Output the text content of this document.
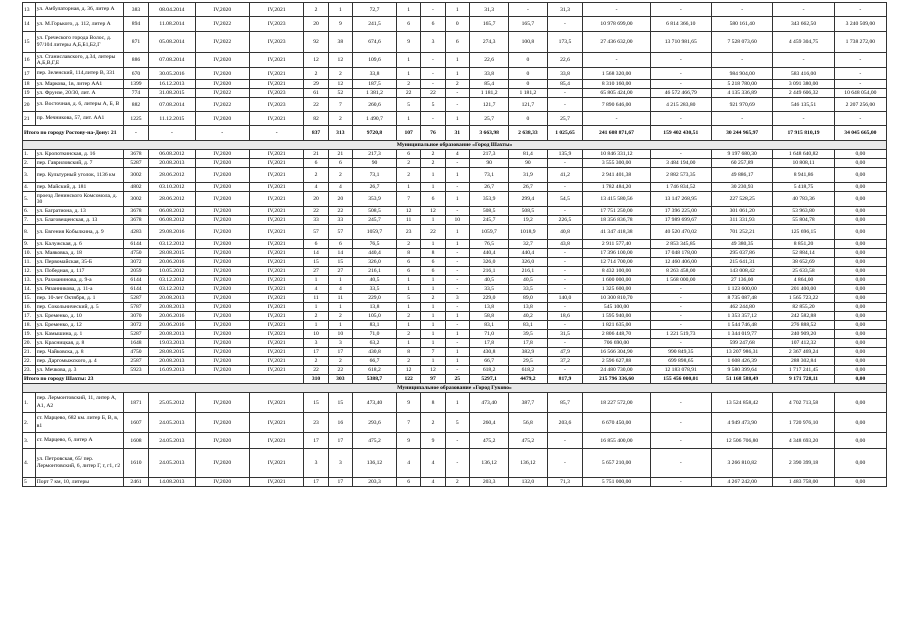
13	ул. Амбулаторная, д. 36, литер А	383	08.04.2014	IV,2020	IV,2021	2	1	72,7	1	-	1	31,3	-	31,3	-	-	-	-	-
14	ул. М.Горького, д. 112, литер А	894	11.08.2014	IV,2022	IV,2023	20	9	241,5	6	6	0	165,7	165,7	-	10 978 699,00	6 814 366,10	580 161,40	343 662,50	3 240 509,00
15	ул. Греческого города Волос, д. 97/104 литеры А,Б,Б1,Б2,Г	871	05.08.2014	IV,2022	IV,2023	92	38	674,6	9	3	6	274,3	100,8	173,5	27 436 632,00	13 710 981,65	7 528 073,60	4 459 304,75	1 738 272,00
16	ул. Станиславского, д.34, литеры А,Б,В,Г,Е	886	07.08.2014	IV,2020	IV,2021	12	12	109,6	1	-	1	22,6	0	22,6	-	-	-	-	-
17	пер. Зеленский, 114,литер В, 331	670	30.05.2016	IV,2020	IV,2021	2	2	33,8	1	-	1	33,8	0	33,8	1 568 320,00	-	984 904,00	583 416,00	-
18	ул. Маркова, 1в, литер АА1	1399	16.12.2013	IV,2020	IV,2021	29	12	187,5	2	-	2	85,4	0	85,4	8 310 160,00	-	5 218 780,00	3 091 380,00	-
19	ул. Фрунзе, 20/30, лит. А	774	31.08.2015	IV,2022	IV,2023	61	52	1 381,2	22	22	-	1 181,2	1 181,2	-	65 805 424,00	46 572 466,79	4 135 336,89	2 449 606,32	10 648 054,00
20	ул. Восточная, д. 6, литеры А, Б, В	882	07.08.2014	IV,2022	IV,2023	22	7	260,6	5	5	-	121,7	121,7	-	7 890 646,00	4 215 283,80	921 970,69	546 135,51	2 207 256,00
21	пр. Мечникова, 57, лит. АА1	1225	11.12.2015	IV,2020	IV,2021	82	2	1 490,7	1	-	1	25,7	0	25,7	-	-	-	-	-
Итого по городу Ростову-на-Дону: 21		-	-	-	-	837	313	9720,8	107	76	31	3 663,98	2 638,33	1 025,65	241 608 871,67	159 402 430,51	30 244 965,97	17 915 810,19	34 045 665,00
Муниципальное образование «Город Шахты»																			
1.	ул. Кропоткинская, д. 16	3678	06.08.2012	IV,2020	IV,2021	21	21	217,3	6	2	4	217,3	81,4	135,9	10 846 331,12	-	9 197 680,30	1 648 640,82	0,00
2.	пер. Гавриловский, д. 7	5287	20.08.2013	IV,2020	IV,2021	6	6	90	2	2	-	90	90	-	3 555 300,00	3 484 194,00	60 257,89	10 808,11	0,00
3.	пер. Культурный уголок, 1136 км	3002	28.06.2012	IV,2020	IV,2021	2	2	73,1	2	1	1	73,1	31,9	41,2	2 941 401,38	2 882 573,35	49 886,17	8 941,86	0,00
4.	пер. Майский, д. 181	4802	03.10.2012	IV,2020	IV,2021	4	4	26,7	1	1	-	26,7	26,7	-	1 782 484,20	1 746 834,52	30 230,93	5 418,75	0,00
5.	проезд Ленинского Комсомола, д. 30	3002	28.06.2012	IV,2020	IV,2021	20	20	353,9	7	6	1	353,9	299,4	54,5	13 415 580,56	13 147 268,95	227 528,25	40 783,36	0,00
6.	ул. Багратиона, д. 13	3678	06.08.2012	IV,2020	IV,2021	22	22	508,5	12	12	-	508,5	508,5	-	17 751 250,00	17 396 225,00	301 061,20	53 963,80	0,00
7.	ул. Благовещенская, д. 13	3678	06.08.2012	IV,2020	IV,2021	33	33	245,7	11	1	10	245,7	19,2	226,5	18 356 836,78	17 989 699,67	311 331,93	55 804,78	0,00
8.	ул. Евгения Кобылкина, д. 9	4283	29.08.2016	IV,2020	IV,2021	57	57	1059,7	23	22	1	1059,7	1018,9	40,8	41 347 418,38	40 520 470,02	701 252,21	125 696,15	0,00
9.	ул. Калужская, д. 6	6144	03.12.2012	IV,2020	IV,2021	6	6	76,5	2	1	1	76,5	32,7	43,8	2 911 577,40	2 853 345,85	49 380,35	8 851,20	0,00
10.	ул. Маяковка, д. 18	4750	28.08.2015	IV,2020	IV,2021	14	14	440,4	8	8	-	440,4	440,4	-	17 396 100,00	17 048 178,00	295 037,86	52 884,14	0,00
11.	ул. Первомайская, 35-Б	3072	20.06.2016	IV,2020	IV,2021	15	15	326,0	6	6	-	326,0	326,0	-	12 714 700,00	12 460 406,00	215 641,31	38 652,69	0,00
12.	ул. Победная, д. 117	2059	10.05.2012	IV,2020	IV,2021	27	27	216,1	6	6	-	216,1	216,1	-	8 432 100,00	8 263 458,00	143 008,42	25 633,58	0,00
13.	ул. Рахманинова, д. 9-а	6144	03.12.2012	IV,2020	IV,2021	1	1	40,5	1	1	-	40,5	40,5	-	1 600 000,00	1 568 000,00	27 136,00	4 864,00	0,00
14.	ул. Рязанникова, д. 11-а	6144	03.12.2012	IV,2020	IV,2021	4	4	33,5	1	1	-	33,5	33,5	-	1 325 600,00	-	1 123 600,00	201 400,00	0,00
15.	пер. 10-лет Октября, д. 1	5287	20.08.2013	IV,2020	IV,2021	11	11	229,0	5	2	3	229,0	89,0	140,0	10 300 810,70	-	8 735 087,48	1 565 723,22	0,00
16.	пер. Сокольнический, д. 5	5787	20.08.2013	IV,2020	IV,2021	1	1	13,8	1	1	-	13,8	13,8	-	545 100,00	-	462 244,80	82 855,20	0,00
17.	ул. Еременко, д. 10	3070	20.06.2016	IV,2020	IV,2021	2	2	105,0	2	1	1	58,8	40,2	18,6	1 595 940,00	-	1 353 357,12	242 582,88	0,00
18.	ул. Еременко, д. 12	3072	20.06.2016	IV,2020	IV,2021	1	1	83,1	1	1	-	83,1	83,1	-	1 821 635,00	-	1 544 746,48	276 888,52	0,00
19.	ул. Камышина, д. 1	5287	20.08.2013	IV,2020	IV,2021	10	10	71,0	2	1	1	71,0	39,5	31,5	2 806 448,70	1 221 519,73	1 344 019,77	240 909,20	0,00
20.	ул. Красницкая, д. 8	1648	19.03.2013	IV,2020	IV,2021	3	3	63,2	1	1	-	17,8	17,8	-	706 690,00	-	599 247,68	107 412,32	0,00
21.	пер. Чайковска, д. 8	4750	28.08.2015	IV,2020	IV,2021	17	17	430,8	8	7	1	430,8	382,9	47,9	16 566 304,90	990 849,35	13 207 986,31	2 367 469,24	0,00
22.	пер. Даргомыжского, д. 4	2587	20.08.2013	IV,2020	IV,2021	2	2	66,7	2	1	1	66,7	29,5	37,2	2 596 627,88	699 898,65	1 608 426,39	288 302,84	0,00
23.	ул. Мечкова, д. 3	5923	16.09.2013	IV,2020	IV,2021	22	22	618,2	12	12	-	618,2	618,2	-	24 480 730,00	12 183 078,91	9 580 399,64	1 717 241,45	0,00
Итого по городу Шахты: 23						310	303	5388,7	122	97	25	5297,1	4479,2	817,9	215 796 336,60	155 456 000,01	51 168 588,49	9 171 728,11	0,00
Муниципальное образование «Город Гуково»																			
1.	пер. Лермонтовский, 11, литер А, А1, А2	1871	25.05.2012	IV,2020	IV,2021	15	15	473,40	9	8	1	473,40	387,7	85,7	18 227 572,00	-	13 524 858,42	4 702 713,58	0,00
2.	ст. Марцево, 682 км. литер Б, В, в, в1	1607	24.05.2013	IV,2020	IV,2021	23	16	293,6	7	2	5	260,4	56,8	203,6	6 670 450,00	-	4 949 473,90	1 720 976,10	0,00
3.	ст. Марцево, 6, литер А	1608	24.05.2013	IV,2020	IV,2021	17	17	475,2	9	9	-	475,2	475,2	-	16 855 400,00	-	12 506 706,80	4 348 693,20	0,00
4.	ул. Петровская, 65/ пер. Лермонтовский, 6, литер Г, г, г1, г2	1610	24.05.2013	IV,2020	IV,2021	3	3	136,12	4	4	-	136,12	136,12	-	5 657 210,00	-	3 266 810,82	2 390 399,18	0,00
5	Порт 7 км, 10, литеры	2461	14.08.2013	IV,2020	IV,2021	17	17	203,3	6	4	2	203,3	132,0	71,3	5 751 000,00	-	4 267 242,00	1 483 758,00	0,00
